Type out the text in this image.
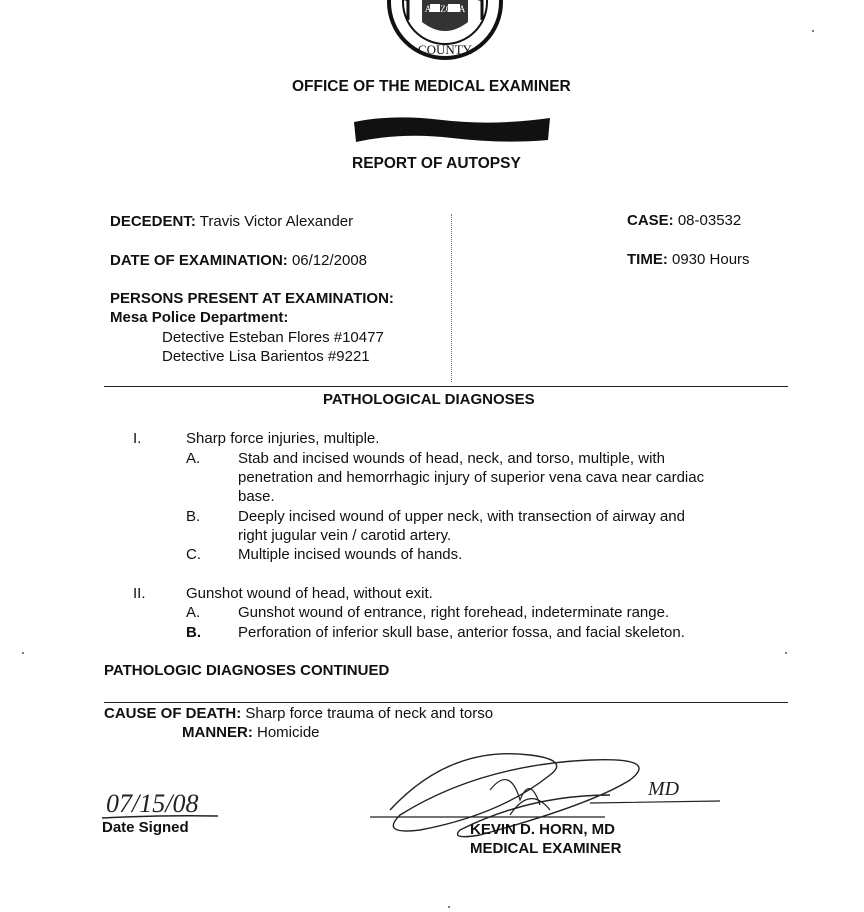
ARIZONA
COUNTY
OFFICE OF THE MEDICAL EXAMINER
REPORT OF AUTOPSY
DECEDENT: Travis Victor Alexander	CASE: 08-03532
DATE OF EXAMINATION: 06/12/2008	TIME: 0930 Hours
PERSONS PRESENT AT EXAMINATION:
Mesa Police Department:
Detective Esteban Flores #10477
Detective Lisa Barientos #9221
PATHOLOGICAL DIAGNOSES
I.	Sharp force injuries, multiple.
A.	Stab and incised wounds of head, neck, and torso, multiple, with
penetration and hemorrhagic injury of superior vena cava near cardiac
base.
B.	Deeply incised wound of upper neck, with transection of airway and
right jugular vein / carotid artery.
C. Multiple incised wounds of hands.
II.	Gunshot wound of head, without exit.
A.	Gunshot wound of entrance, right forehead, indeterminate range.
B. Perforation of inferior skull base, anterior fossa, and facial skeleton.
PATHOLOGIC DIAGNOSES CONTINUED
CAUSE OF DEATH: Sharp force trauma of neck and torso
MANNER: Homicide
07/15/08
Date Signed
MD
KEVIN D. HORN, MD
MEDICAL EXAMINER
